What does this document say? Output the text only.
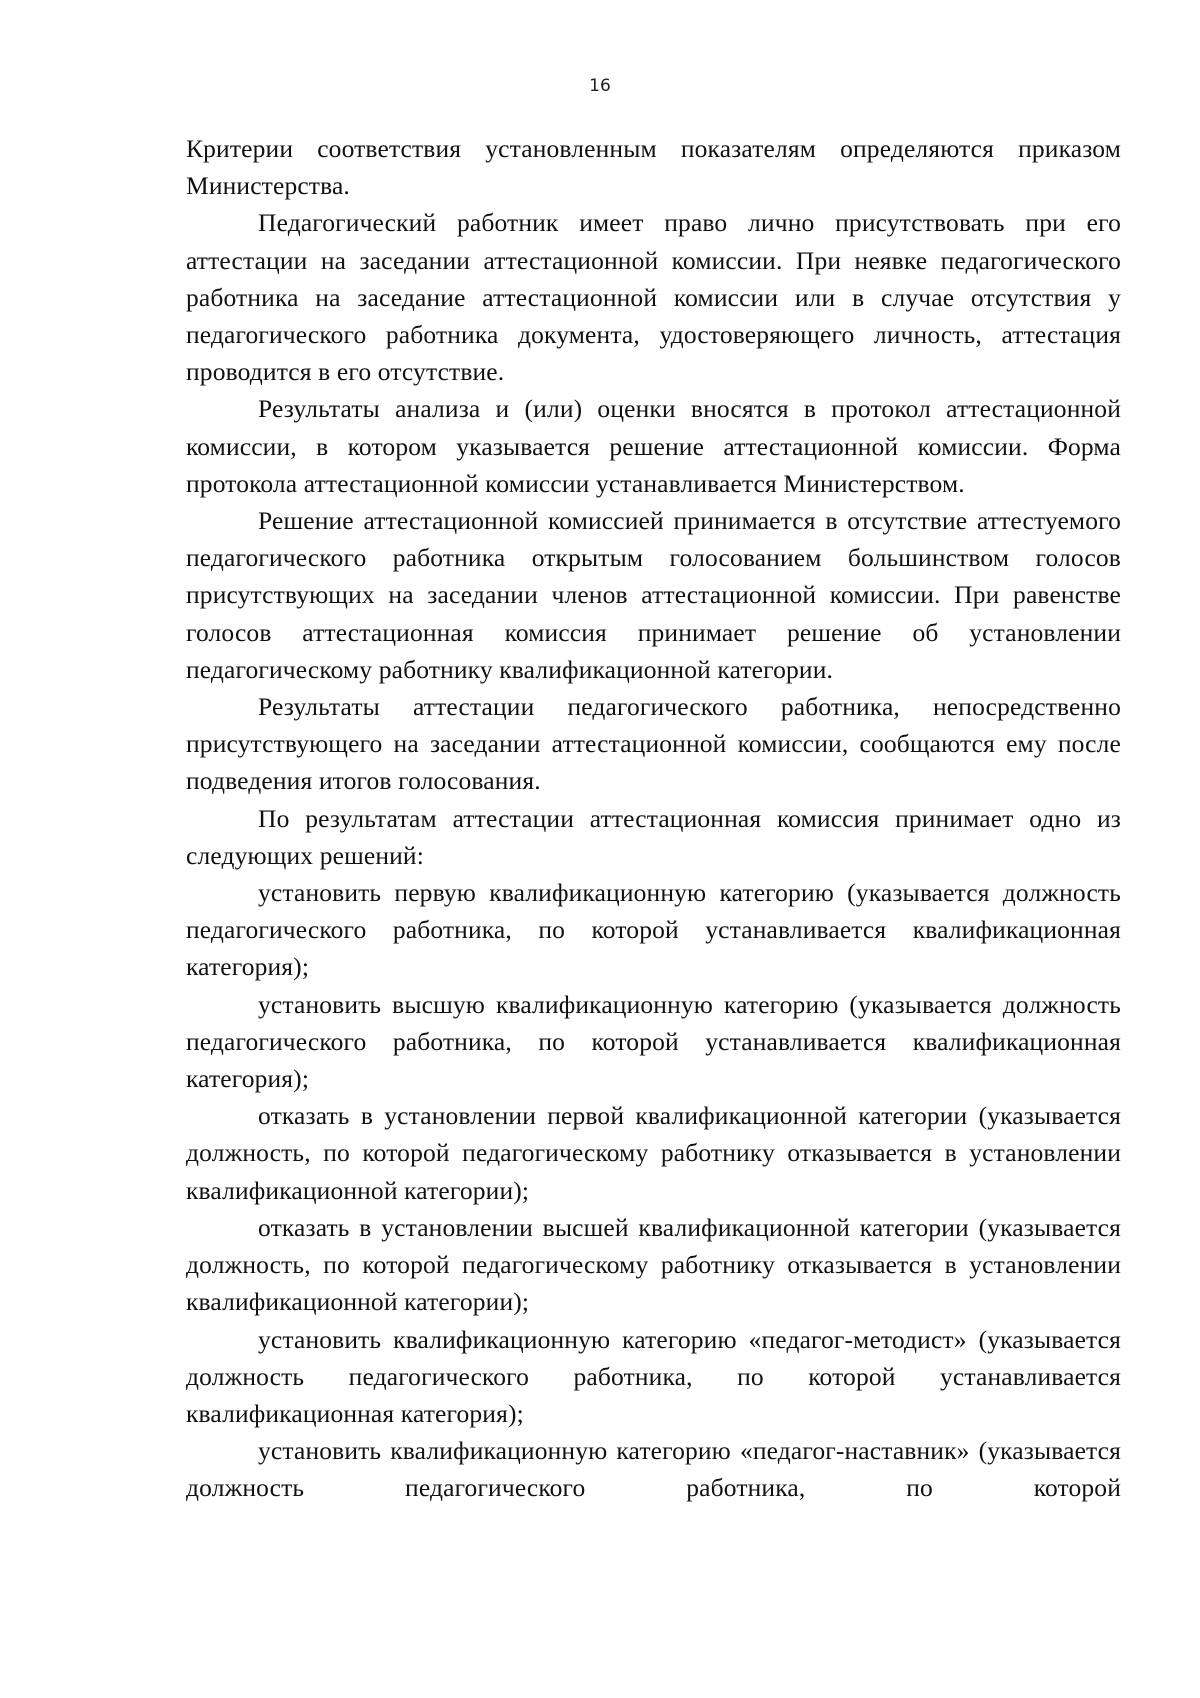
16

Критерии соответствия установленным показателям определяются приказом Министерства.

Педагогический работник имеет право лично присутствовать при его аттестации на заседании аттестационной комиссии. При неявке педагогического работника на заседание аттестационной комиссии или в случае отсутствия у педагогического работника документа, удостоверяющего личность, аттестация проводится в его отсутствие.

Результаты анализа и (или) оценки вносятся в протокол аттестационной комиссии, в котором указывается решение аттестационной комиссии. Форма протокола аттестационной комиссии устанавливается Министерством.

Решение аттестационной комиссией принимается в отсутствие аттестуемого педагогического работника открытым голосованием большинством голосов присутствующих на заседании членов аттестационной комиссии. При равенстве голосов аттестационная комиссия принимает решение об установлении педагогическому работнику квалификационной категории.

Результаты аттестации педагогического работника, непосредственно присутствующего на заседании аттестационной комиссии, сообщаются ему после подведения итогов голосования.

По результатам аттестации аттестационная комиссия принимает одно из следующих решений:

установить первую квалификационную категорию (указывается должность педагогического работника, по которой устанавливается квалификационная категория);

установить высшую квалификационную категорию (указывается должность педагогического работника, по которой устанавливается квалификационная категория);

отказать в установлении первой квалификационной категории (указывается должность, по которой педагогическому работнику отказывается в установлении квалификационной категории);

отказать в установлении высшей квалификационной категории (указывается должность, по которой педагогическому работнику отказывается в установлении квалификационной категории);

установить квалификационную категорию «педагог-методист» (указывается должность педагогического работника, по которой устанавливается квалификационная категория);

установить квалификационную категорию «педагог-наставник» (указывается должность педагогического работника, по которой
